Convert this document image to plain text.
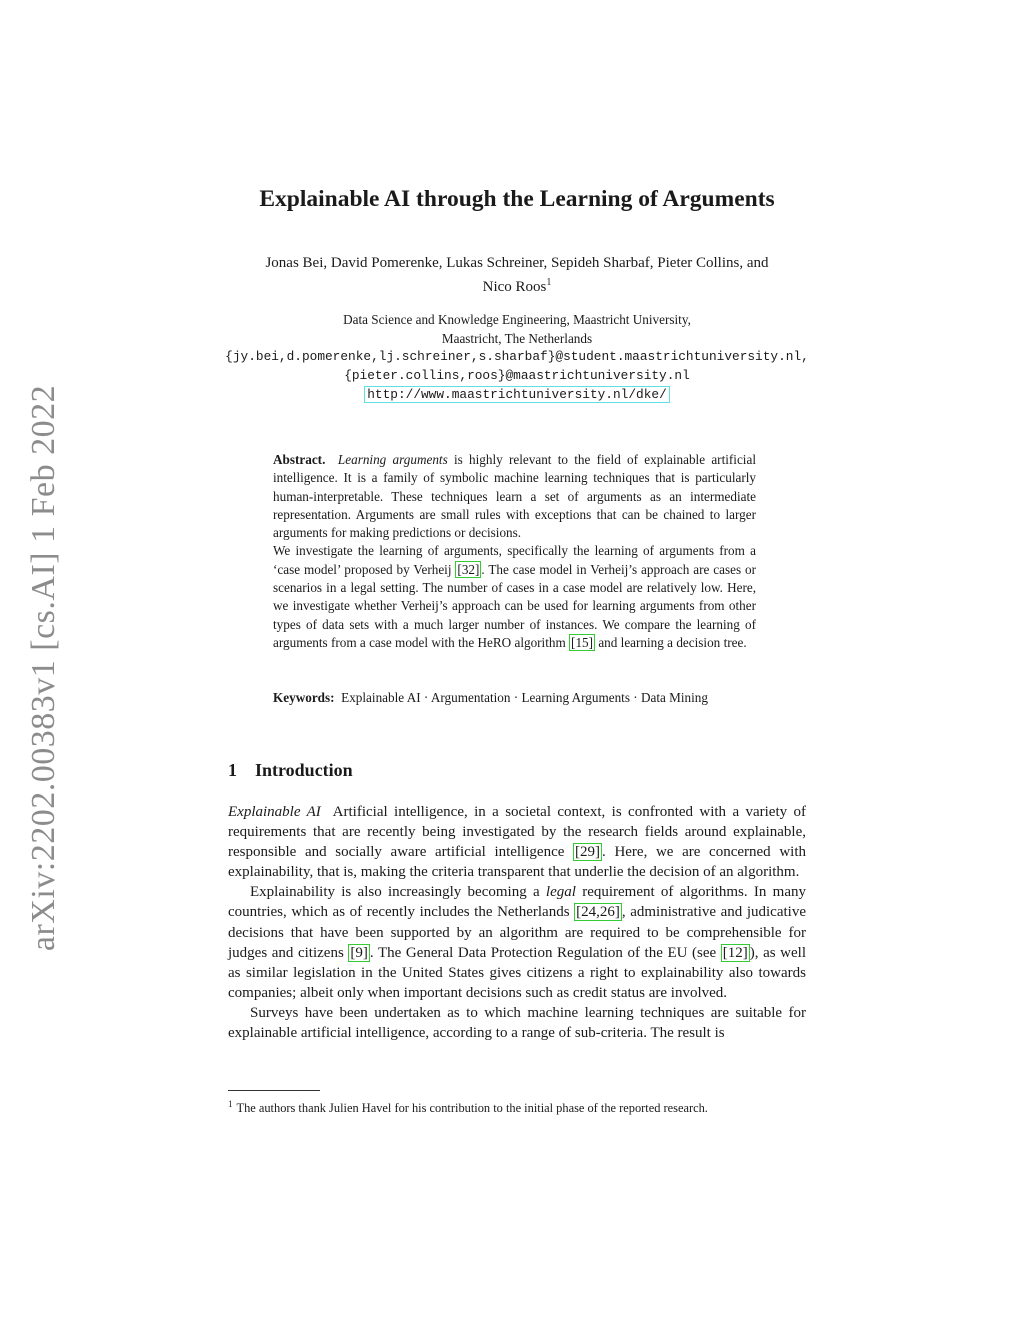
arXiv:2202.00383v1 [cs.AI] 1 Feb 2022
Explainable AI through the Learning of Arguments
Jonas Bei, David Pomerenke, Lukas Schreiner, Sepideh Sharbaf, Pieter Collins, and
Nico Roos$^1$
Data Science and Knowledge Engineering, Maastricht University,
Maastricht, The Netherlands
{jy.bei,d.pomerenke,lj.schreiner,s.sharbaf}@student.maastrichtuniversity.nl,
{pieter.collins,roos}@maastrichtuniversity.nl
http://www.maastrichtuniversity.nl/dke/

Abstract. Learning arguments is highly relevant to the field of explainable artificial intelligence. It is a family of symbolic machine learning techniques that is particularly human-interpretable. These techniques learn a set of arguments as an intermediate representation. Arguments are small rules with exceptions that can be chained to larger arguments for making predictions or decisions.

We investigate the learning of arguments, specifically the learning of arguments from a ‘case model’ proposed by Verheij [32] . The case model in Verheij’s approach are cases or scenarios in a legal setting. The number of cases in a case model are relatively low. Here, we investigate whether Verheij’s approach can be used for learning arguments from other types of data sets with a much larger number of instances. We compare the learning of arguments from a case model with the HeRO algorithm [15] and learning a decision tree.

Keywords: Explainable AI · Argumentation · Learning Arguments · Data Mining
1 Introduction

Explainable AI  Artificial intelligence, in a societal context, is confronted with a variety of requirements that are recently being investigated by the research fields around explainable, responsible and socially aware artificial intelligence [29] . Here, we are concerned with explainability, that is, making the criteria transparent that underlie the decision of an algorithm.

Explainability is also increasingly becoming a legal requirement of algorithms. In many countries, which as of recently includes the Netherlands [24,26] , administrative and judicative decisions that have been supported by an algorithm are required to be comprehensible for judges and citizens [9] . The General Data Protection Regulation of the EU (see [12] ), as well as similar legislation in the United States gives citizens a right to explainability also towards companies; albeit only when important decisions such as credit status are involved.

Surveys have been undertaken as to which machine learning techniques are suitable for explainable artificial intelligence, according to a range of sub-criteria. The result is

$^1$ The authors thank Julien Havel for his contribution to the initial phase of the reported research.
